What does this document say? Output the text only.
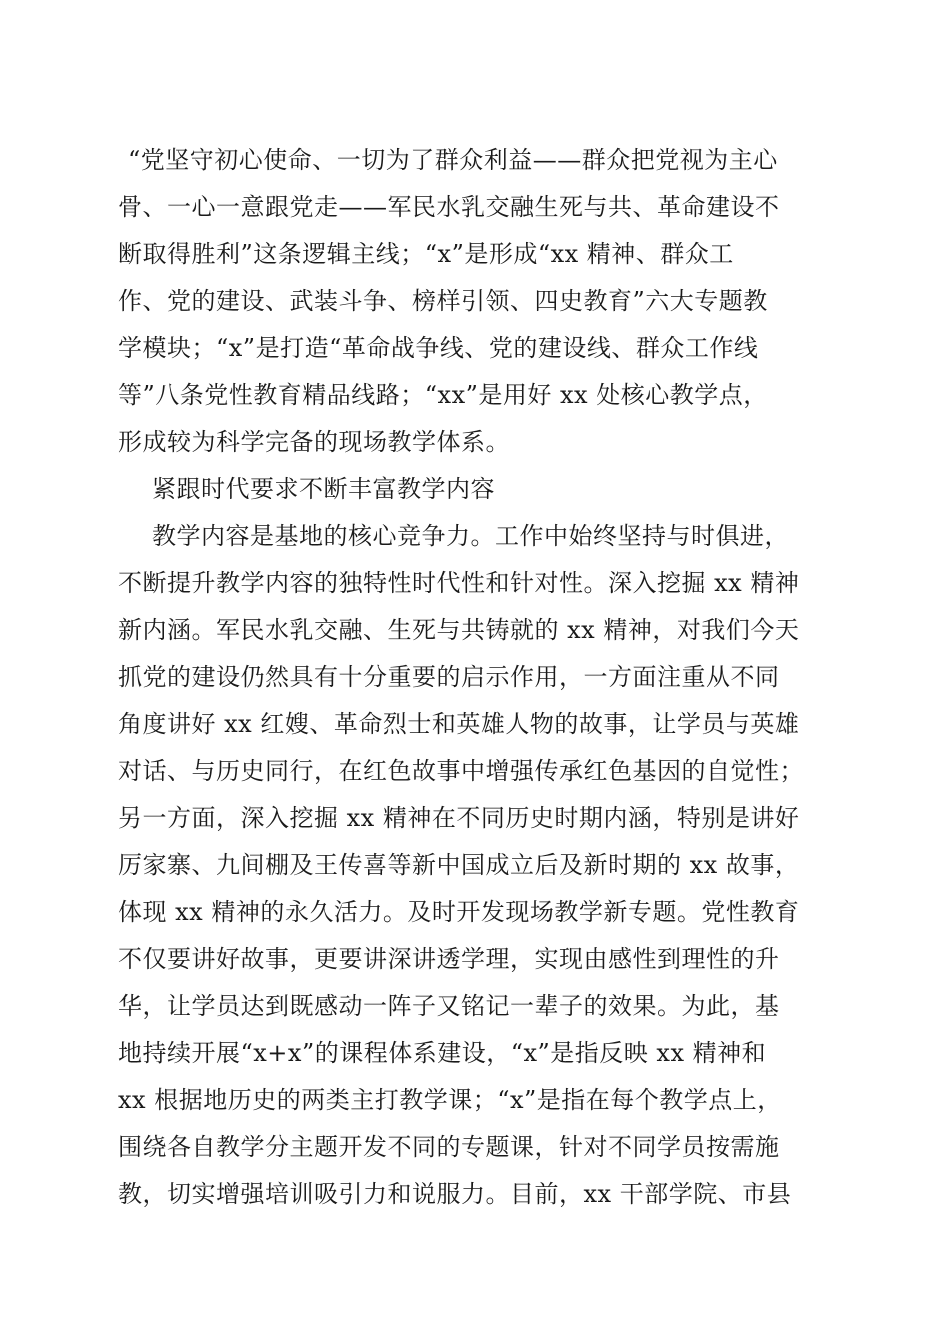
“党坚守初心使命、一切为了群众利益——群众把党视为主心
骨、一心一意跟党走——军民水乳交融生死与共、革命建设不
断取得胜利”这条逻辑主线；“x”是形成“xx 精神、群众工
作、党的建设、武装斗争、榜样引领、四史教育”六大专题教
学模块；“x”是打造“革命战争线、党的建设线、群众工作线
等”八条党性教育精品线路；“xx”是用好 xx 处核心教学点，
形成较为科学完备的现场教学体系。
紧跟时代要求不断丰富教学内容
教学内容是基地的核心竞争力。工作中始终坚持与时俱进，
不断提升教学内容的独特性时代性和针对性。深入挖掘 xx 精神
新内涵。军民水乳交融、生死与共铸就的 xx 精神，对我们今天
抓党的建设仍然具有十分重要的启示作用，一方面注重从不同
角度讲好 xx 红嫂、革命烈士和英雄人物的故事，让学员与英雄
对话、与历史同行，在红色故事中增强传承红色基因的自觉性；
另一方面，深入挖掘 xx 精神在不同历史时期内涵，特别是讲好
厉家寨、九间棚及王传喜等新中国成立后及新时期的 xx 故事，
体现 xx 精神的永久活力。及时开发现场教学新专题。党性教育
不仅要讲好故事，更要讲深讲透学理，实现由感性到理性的升
华，让学员达到既感动一阵子又铭记一辈子的效果。为此，基
地持续开展“x+x”的课程体系建设，“x”是指反映 xx 精神和
xx 根据地历史的两类主打教学课；“x”是指在每个教学点上，
围绕各自教学分主题开发不同的专题课，针对不同学员按需施
教，切实增强培训吸引力和说服力。目前，xx 干部学院、市县
